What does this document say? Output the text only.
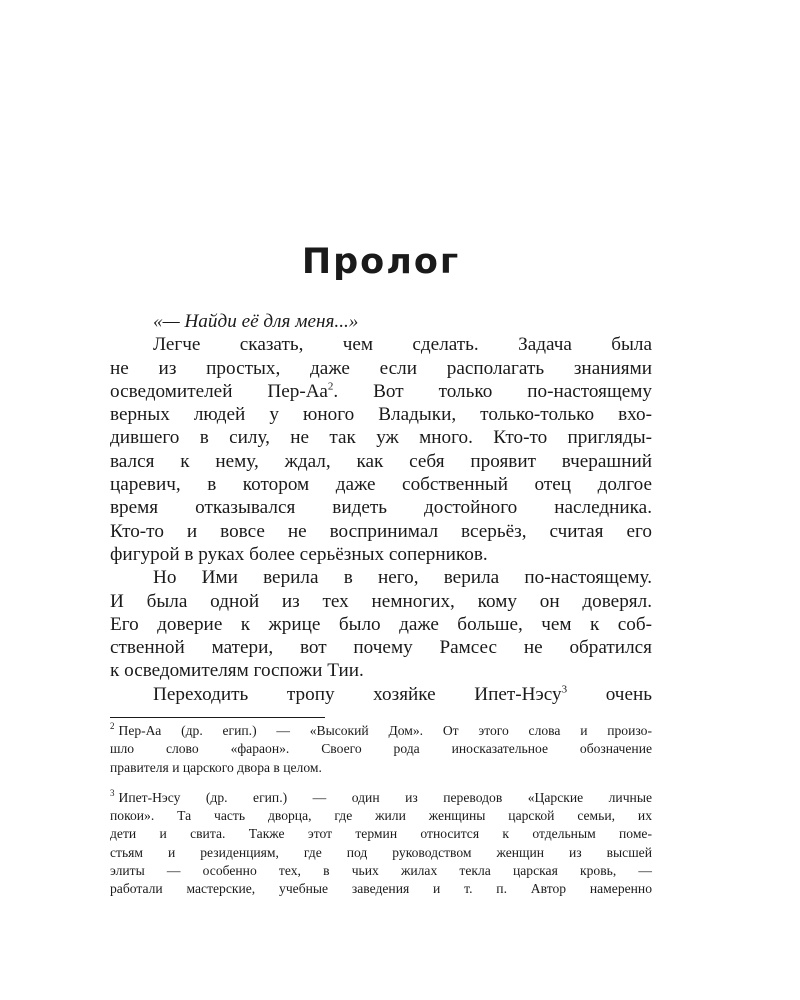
Пролог
«— Найди её для меня...»
Легче сказать, чем сделать. Задача была
не из простых, даже если располагать знаниями
осведомителей Пер-$Аа^2$. Вот только по-настоящему
верных людей у юного Владыки, только-только вхо-
дившего в силу, не так уж много. Кто-то пригляды-
вался к нему, ждал, как себя проявит вчерашний
царевич, в котором даже собственный отец долгое
время отказывался видеть достойного наследника.
Кто-то и вовсе не воспринимал всерьёз, считая его
фигурой в руках более серьёзных соперников.
Но Ими верила в него, верила по-настоящему.
И была одной из тех немногих, кому он доверял.
Его доверие к жрице было даже больше, чем к соб-
ственной матери, вот почему Рамсес не обратился
к осведомителям госпожи Тии.
Переходить тропу хозяйке Ипет-Нэсу$^3$ очень
$^2$ Пер-Аа (др. егип.) — «Высокий Дом». От этого слова и произо-
шло слово «фараон». Своего рода иносказательное обозначение
правителя и царского двора в целом.
$^3$ Ипет-Нэсу (др. егип.) — один из переводов «Царские личные
покои». Та часть дворца, где жили женщины царской семьи, их
дети и свита. Также этот термин относится к отдельным поме-
стьям и резиденциям, где под руководством женщин из высшей
элиты — особенно тех, в чьих жилах текла царская кровь, —
работали мастерские, учебные заведения и т. п. Автор намеренно
